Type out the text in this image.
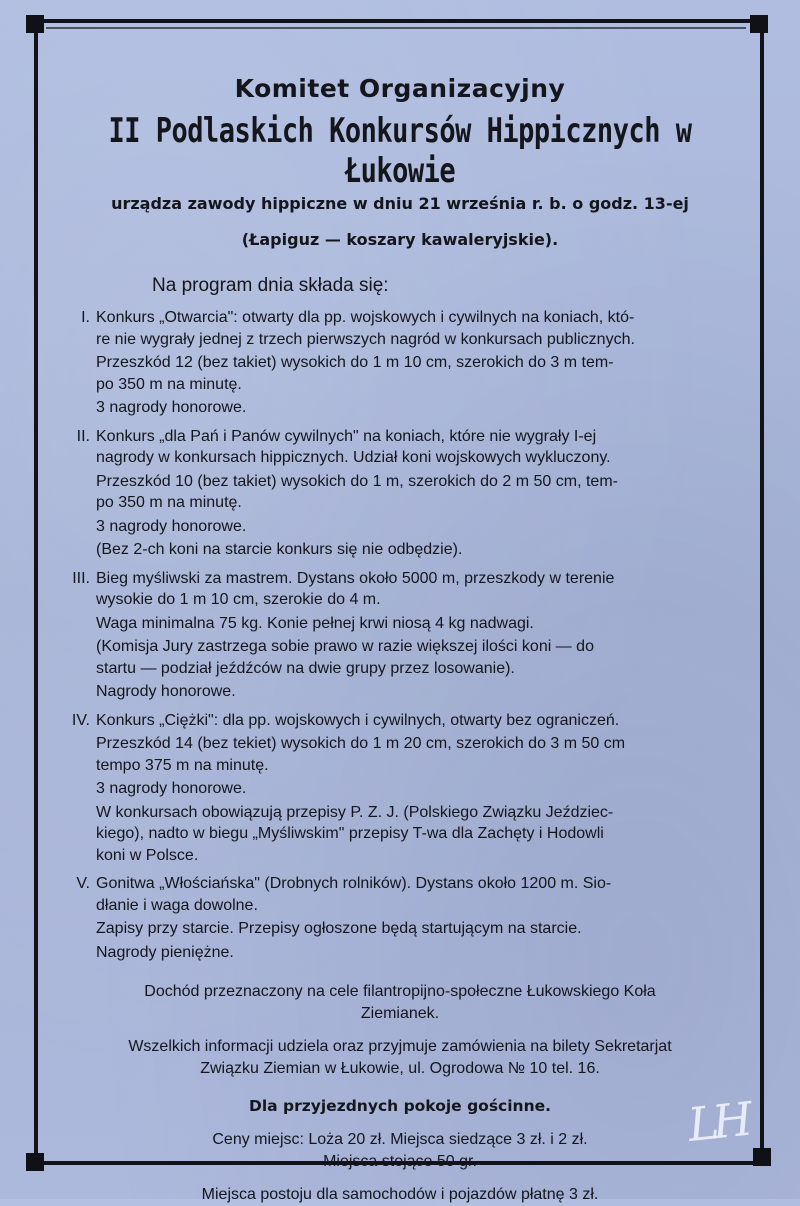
Komitet Organizacyjny
II Podlaskich Konkursów Hippicznych w Łukowie
urządza zawody hippiczne w dniu 21 września r. b. o godz. 13-ej
(Łapiguz — koszary kawaleryjskie).
Na program dnia składa się:
I. Konkurs „Otwarcia": otwarty dla pp. wojskowych i cywilnych na koniach, któ-

re nie wygrały jednej z trzech pierwszych nagród w konkursach publicznych.

Przeszkód 12 (bez takiet) wysokich do 1 m 10 cm, szerokich do 3 m tem-

po 350 m na minutę.

3 nagrody honorowe.

II. Konkurs „dla Pań i Panów cywilnych" na koniach, które nie wygrały I-ej

nagrody w konkursach hippicznych. Udział koni wojskowych wykluczony.

Przeszkód 10 (bez takiet) wysokich do 1 m, szerokich do 2 m 50 cm, tem-

po 350 m na minutę.

3 nagrody honorowe.

(Bez 2-ch koni na starcie konkurs się nie odbędzie).

III. Bieg myśliwski za mastrem. Dystans około 5000 m, przeszkody w terenie

wysokie do 1 m 10 cm, szerokie do 4 m.

Waga minimalna 75 kg. Konie pełnej krwi niosą 4 kg nadwagi.

(Komisja Jury zastrzega sobie prawo w razie większej ilości koni — do

startu — podział jeźdźców na dwie grupy przez losowanie).

Nagrody honorowe.

IV. Konkurs „Ciężki": dla pp. wojskowych i cywilnych, otwarty bez ograniczeń.

Przeszkód 14 (bez tekiet) wysokich do 1 m 20 cm, szerokich do 3 m 50 cm

tempo 375 m na minutę.

3 nagrody honorowe.

W konkursach obowiązują przepisy P. Z. J. (Polskiego Związku Jeździec-

kiego), nadto w biegu „Myśliwskim" przepisy T-wa dla Zachęty i Hodowli

koni w Polsce.

V. Gonitwa „Włościańska" (Drobnych rolników). Dystans około 1200 m. Sio-

dłanie i waga dowolne.

Zapisy przy starcie. Przepisy ogłoszone będą startującym na starcie.

Nagrody pieniężne.

Dochód przeznaczony na cele filantropijno-społeczne Łukowskiego Koła
Ziemianek.
Wszelkich informacji udziela oraz przyjmuje zamówienia na bilety Sekretarjat
Związku Ziemian w Łukowie, ul. Ogrodowa № 10 tel. 16.
Dla przyjezdnych pokoje gościnne.
Ceny miejsc: Loża 20 zł. Miejsca siedzące 3 zł. i 2 zł.
Miejsca stojące 50 gr.
Miejsca postoju dla samochodów i pojazdów płatnę 3 zł.
LH
